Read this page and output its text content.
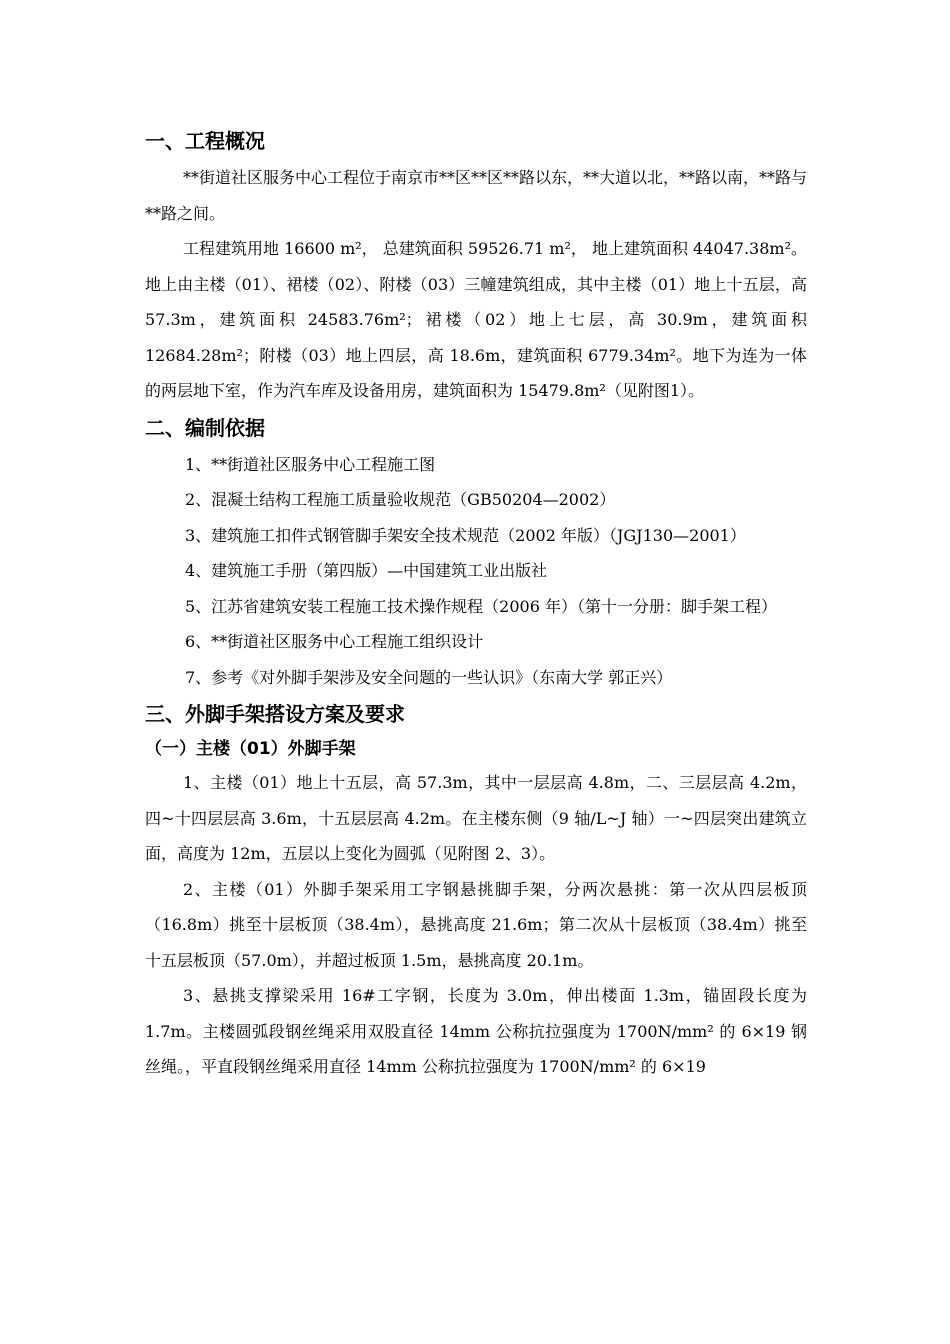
一、工程概况

**街道社区服务中心工程位于南京市**区**区**路以东，**大道以北，**路以南，**路与**路之间。

工程建筑用地 16600 m²， 总建筑面积 59526.71 m²， 地上建筑面积 44047.38m²。地上由主楼（01）、裙楼（02）、附楼（03）三幢建筑组成，其中主楼（01）地上十五层，高 57.3m，建筑面积 24583.76m²；裙楼（02）地上七层，高 30.9m，建筑面积 12684.28m²；附楼（03）地上四层，高 18.6m，建筑面积 6779.34m²。地下为连为一体的两层地下室，作为汽车库及设备用房，建筑面积为 15479.8m²（见附图1）。

二、编制依据

1、**街道社区服务中心工程施工图

2、混凝土结构工程施工质量验收规范（GB50204—2002）

3、建筑施工扣件式钢管脚手架安全技术规范（2002 年版）（JGJ130—2001）

4、建筑施工手册（第四版）—中国建筑工业出版社

5、江苏省建筑安装工程施工技术操作规程（2006 年）（第十一分册：脚手架工程）

6、**街道社区服务中心工程施工组织设计

7、参考《对外脚手架涉及安全问题的一些认识》（东南大学 郭正兴）

三、外脚手架搭设方案及要求
（一）主楼（01）外脚手架

1、主楼（01）地上十五层，高 57.3m，其中一层层高 4.8m，二、三层层高 4.2m，四~十四层层高 3.6m，十五层层高 4.2m。在主楼东侧（9 轴/L~J 轴）一~四层突出建筑立面，高度为 12m，五层以上变化为圆弧（见附图 2、3）。

2、主楼（01）外脚手架采用工字钢悬挑脚手架，分两次悬挑：第一次从四层板顶（16.8m）挑至十层板顶（38.4m），悬挑高度 21.6m；第二次从十层板顶（38.4m）挑至十五层板顶（57.0m），并超过板顶 1.5m，悬挑高度 20.1m。

3、悬挑支撑梁采用 16#工字钢，长度为 3.0m，伸出楼面 1.3m，锚固段长度为 1.7m。主楼圆弧段钢丝绳采用双股直径 14mm 公称抗拉强度为 1700N/mm² 的 6×19 钢丝绳。，平直段钢丝绳采用直径 14mm 公称抗拉强度为 1700N/mm² 的 6×19
